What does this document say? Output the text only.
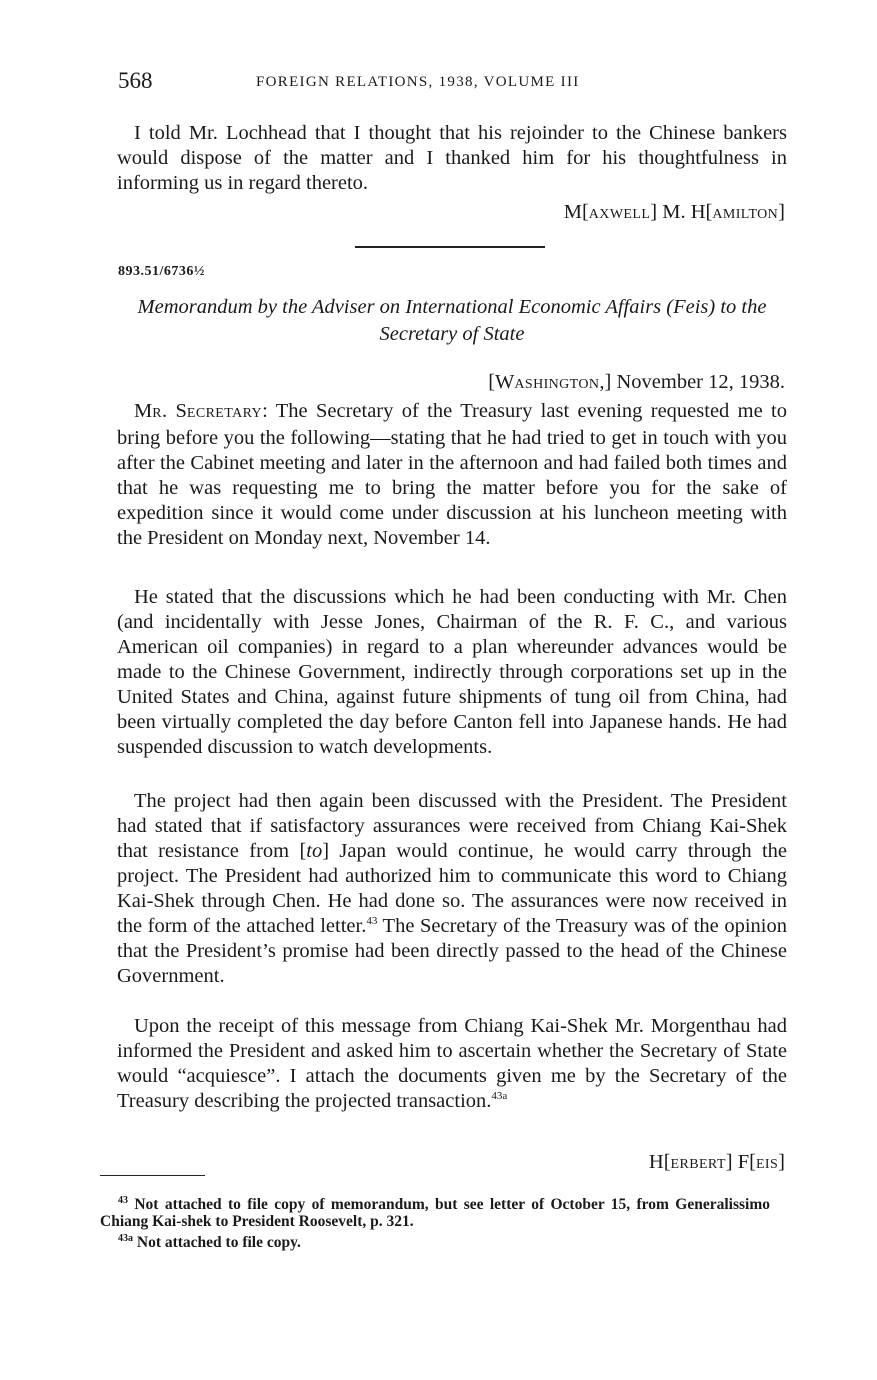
568	FOREIGN RELATIONS, 1938, VOLUME III

I told Mr. Lochhead that I thought that his rejoinder to the Chinese bankers would dispose of the matter and I thanked him for his thoughtfulness in informing us in regard thereto.

M[AXWELL] M. H[AMILTON]
893.51/6736½
Memorandum by the Adviser on International Economic Affairs (Feis) to the Secretary of State
[WASHINGTON,] November 12, 1938.

MR. SECRETARY: The Secretary of the Treasury last evening requested me to bring before you the following—stating that he had tried to get in touch with you after the Cabinet meeting and later in the afternoon and had failed both times and that he was requesting me to bring the matter before you for the sake of expedition since it would come under discussion at his luncheon meeting with the President on Monday next, November 14.

He stated that the discussions which he had been conducting with Mr. Chen (and incidentally with Jesse Jones, Chairman of the R. F. C., and various American oil companies) in regard to a plan whereunder advances would be made to the Chinese Government, indirectly through corporations set up in the United States and China, against future shipments of tung oil from China, had been virtually completed the day before Canton fell into Japanese hands. He had suspended discussion to watch developments.

The project had then again been discussed with the President. The President had stated that if satisfactory assurances were received from Chiang Kai-Shek that resistance from [to] Japan would continue, he would carry through the project. The President had authorized him to communicate this word to Chiang Kai-Shek through Chen. He had done so. The assurances were now received in the form of the attached letter.$^{43}$ The Secretary of the Treasury was of the opinion that the President’s promise had been directly passed to the head of the Chinese Government.

Upon the receipt of this message from Chiang Kai-Shek Mr. Morgenthau had informed the President and asked him to ascertain whether the Secretary of State would “acquiesce”. I attach the documents given me by the Secretary of the Treasury describing the projected transaction.$^{43a}$

H[ERBERT] F[EIS]

$^{43}$ Not attached to file copy of memorandum, but see letter of October 15, from Generalissimo Chiang Kai-shek to President Roosevelt, p. 321.

$^{43a}$ Not attached to file copy.
